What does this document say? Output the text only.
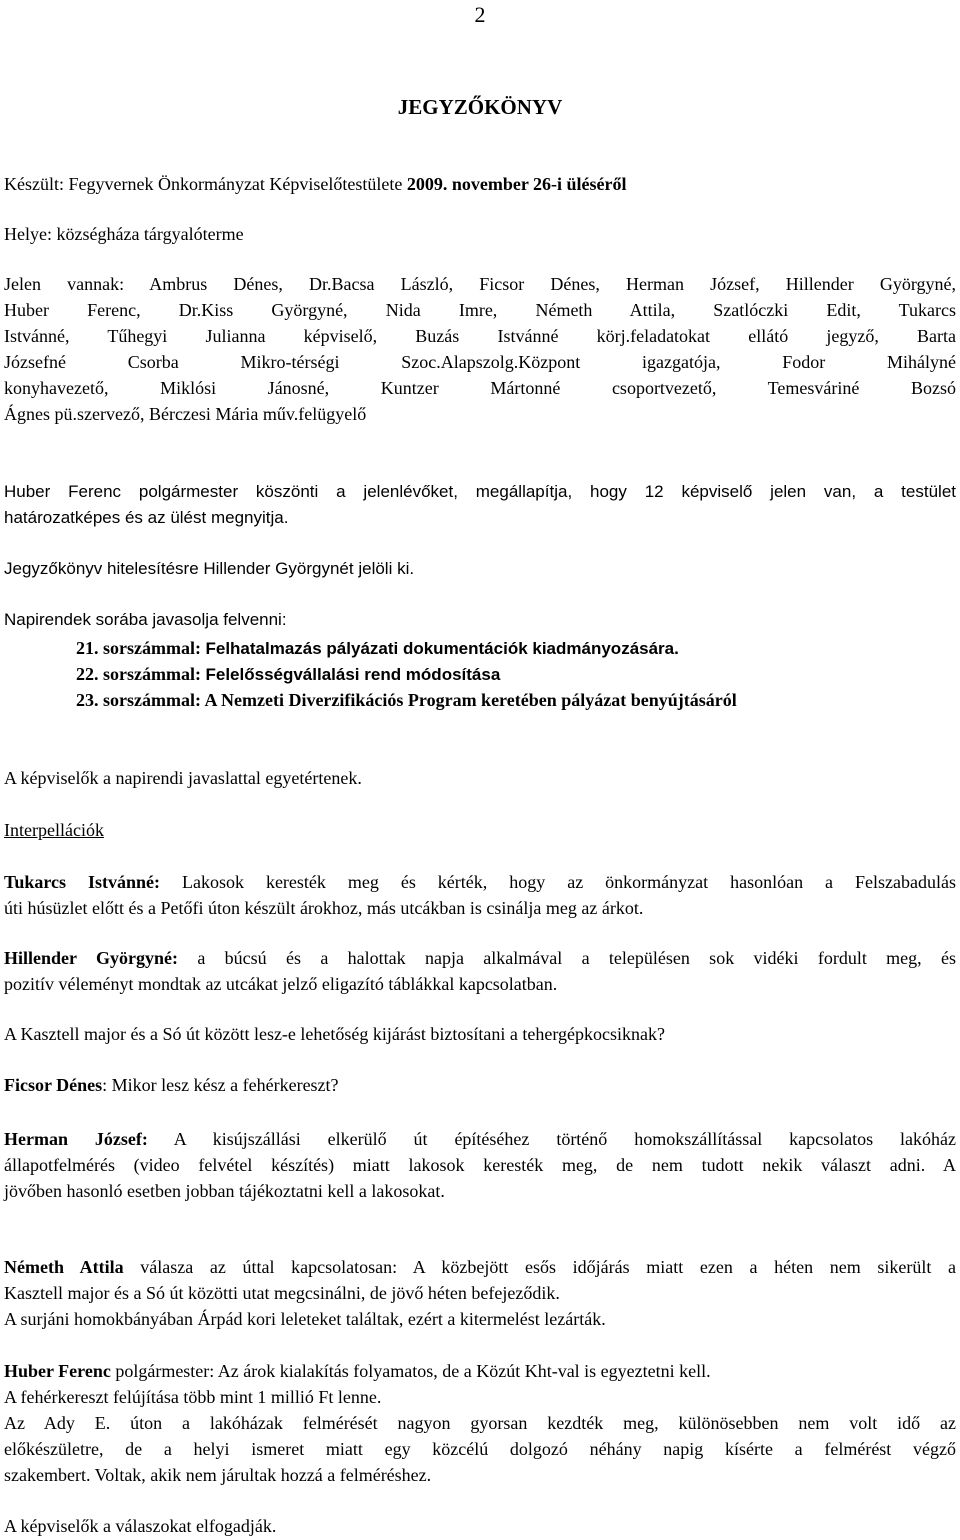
2
JEGYZŐKÖNYV
Készült: Fegyvernek Önkormányzat Képviselőtestülete 2009. november 26-i üléséről
Helye: községháza tárgyalóterme
Jelen vannak: Ambrus Dénes, Dr.Bacsa László, Ficsor Dénes, Herman József, Hillender Györgyné,
Huber Ferenc, Dr.Kiss Györgyné, Nida Imre, Németh Attila, Szatlóczki Edit, Tukarcs
Istvánné, Tűhegyi Julianna képviselő, Buzás Istvánné körj.feladatokat ellátó jegyző, Barta
Józsefné Csorba Mikro-térségi Szoc.Alapszolg.Központ igazgatója, Fodor Mihályné
konyhavezető, Miklósi Jánosné, Kuntzer Mártonné csoportvezető, Temesváriné Bozsó
Ágnes pü.szervező, Bérczesi Mária műv.felügyelő
Huber Ferenc polgármester köszönti a jelenlévőket, megállapítja, hogy 12 képviselő jelen van, a testület
határozatképes és az ülést megnyitja.
Jegyzőkönyv hitelesítésre Hillender Györgynét jelöli ki.
Napirendek sorába javasolja felvenni:
21. sorszámmal: Felhatalmazás pályázati dokumentációk kiadmányozására.
22. sorszámmal: Felelősségvállalási rend módosítása
23. sorszámmal: A Nemzeti Diverzifikációs Program keretében pályázat benyújtásáról
A képviselők a napirendi javaslattal egyetértenek.
Interpellációk
Tukarcs Istvánné: Lakosok keresték meg és kérték, hogy az önkormányzat hasonlóan a Felszabadulás
úti húsüzlet előtt és a Petőfi úton készült árokhoz, más utcákban is csinálja meg az árkot.
Hillender Györgyné: a búcsú és a halottak napja alkalmával a településen sok vidéki fordult meg, és
pozitív véleményt mondtak az utcákat jelző eligazító táblákkal kapcsolatban.
A Kasztell major és a Só út között lesz-e lehetőség kijárást biztosítani a tehergépkocsiknak?
Ficsor Dénes: Mikor lesz kész a fehérkereszt?
Herman József: A kisújszállási elkerülő út építéséhez történő homokszállítással kapcsolatos lakóház
állapotfelmérés (video felvétel készítés) miatt lakosok keresték meg, de nem tudott nekik választ adni. A
jövőben hasonló esetben jobban tájékoztatni kell a lakosokat.
Németh Attila válasza az úttal kapcsolatosan: A közbejött esős időjárás miatt ezen a héten nem sikerült a
Kasztell major és a Só út közötti utat megcsinálni, de jövő héten befejeződik.
A surjáni homokbányában Árpád kori leleteket találtak, ezért a kitermelést lezárták.
Huber Ferenc polgármester: Az árok kialakítás folyamatos, de a Közút Kht-val is egyeztetni kell.
A fehérkereszt felújítása több mint 1 millió Ft lenne.
Az Ady E. úton a lakóházak felmérését nagyon gyorsan kezdték meg, különösebben nem volt idő az
előkészületre, de a helyi ismeret miatt egy közcélú dolgozó néhány napig kísérte a felmérést végző
szakembert. Voltak, akik nem járultak hozzá a felméréshez.
A képviselők a válaszokat elfogadják.
